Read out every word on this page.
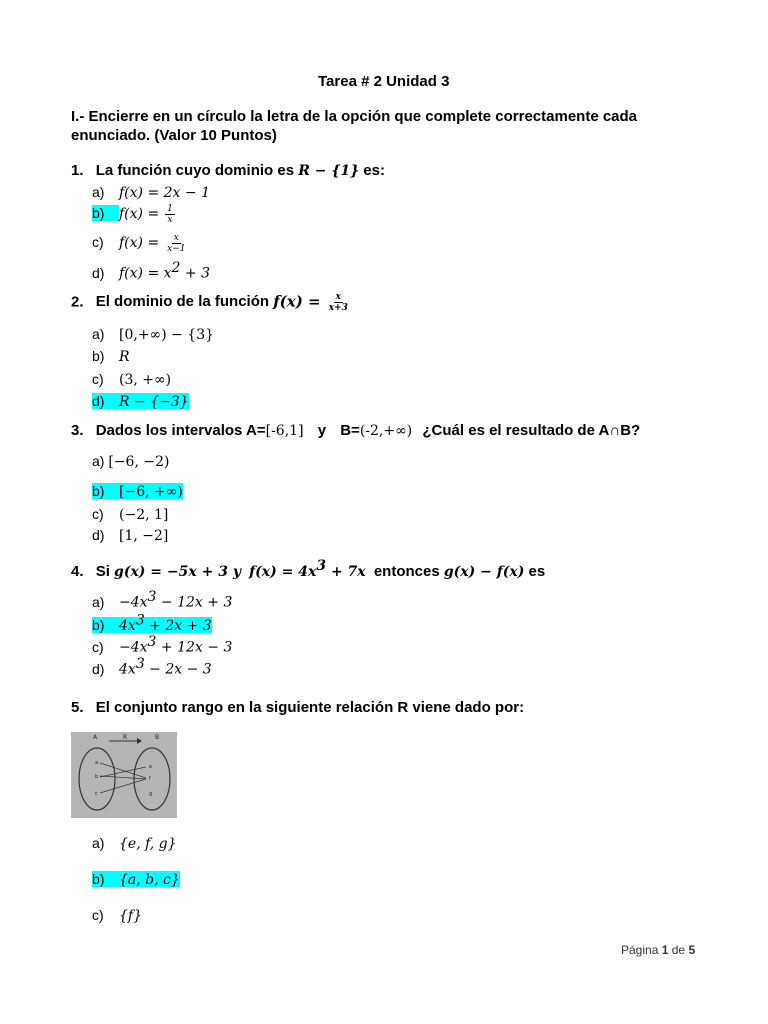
Tarea # 2 Unidad 3
I.- Encierre en un círculo la letra de la opción que complete correctamente cada
enunciado. (Valor 10 Puntos)
1. La función cuyo dominio es R − {1} es:
a) f(x) = 2x − 1
b) $f(x) = \frac{1}{x}$
c) $f(x) = \frac{x}{x-1}$
d) $f(x) = x^2 + 3$
2. El dominio de la función $f(x) = \frac{x}{x+3}$
a) [0,+∞) − {3}
b) R
c) (3, +∞)
d) R − {−3}
3. Dados los intervalos A=[-6,1] y B=(-2,+∞) ¿Cuál es el resultado de A∩B?
a) [−6, −2)
b) [−6, +∞)
c) (−2, 1]
d) [1, −2]
4. Si g(x) = −5x + 3 y $f(x) = 4x^3 + 7x$ entonces g(x) − f(x) es
$a) -4x^3 - 12x + 3$
b) $4x^3 + 2x + 3$
$c) -4x^3 + 12x - 3$
d) $4x^3 - 2x - 3$
5. El conjunto rango en la siguiente relación R viene dado por:
A	R	B
a
b
c
e
f
g
a) {e, f, g}
b) {a, b, c}
c) {f}
Página 1 de 5
